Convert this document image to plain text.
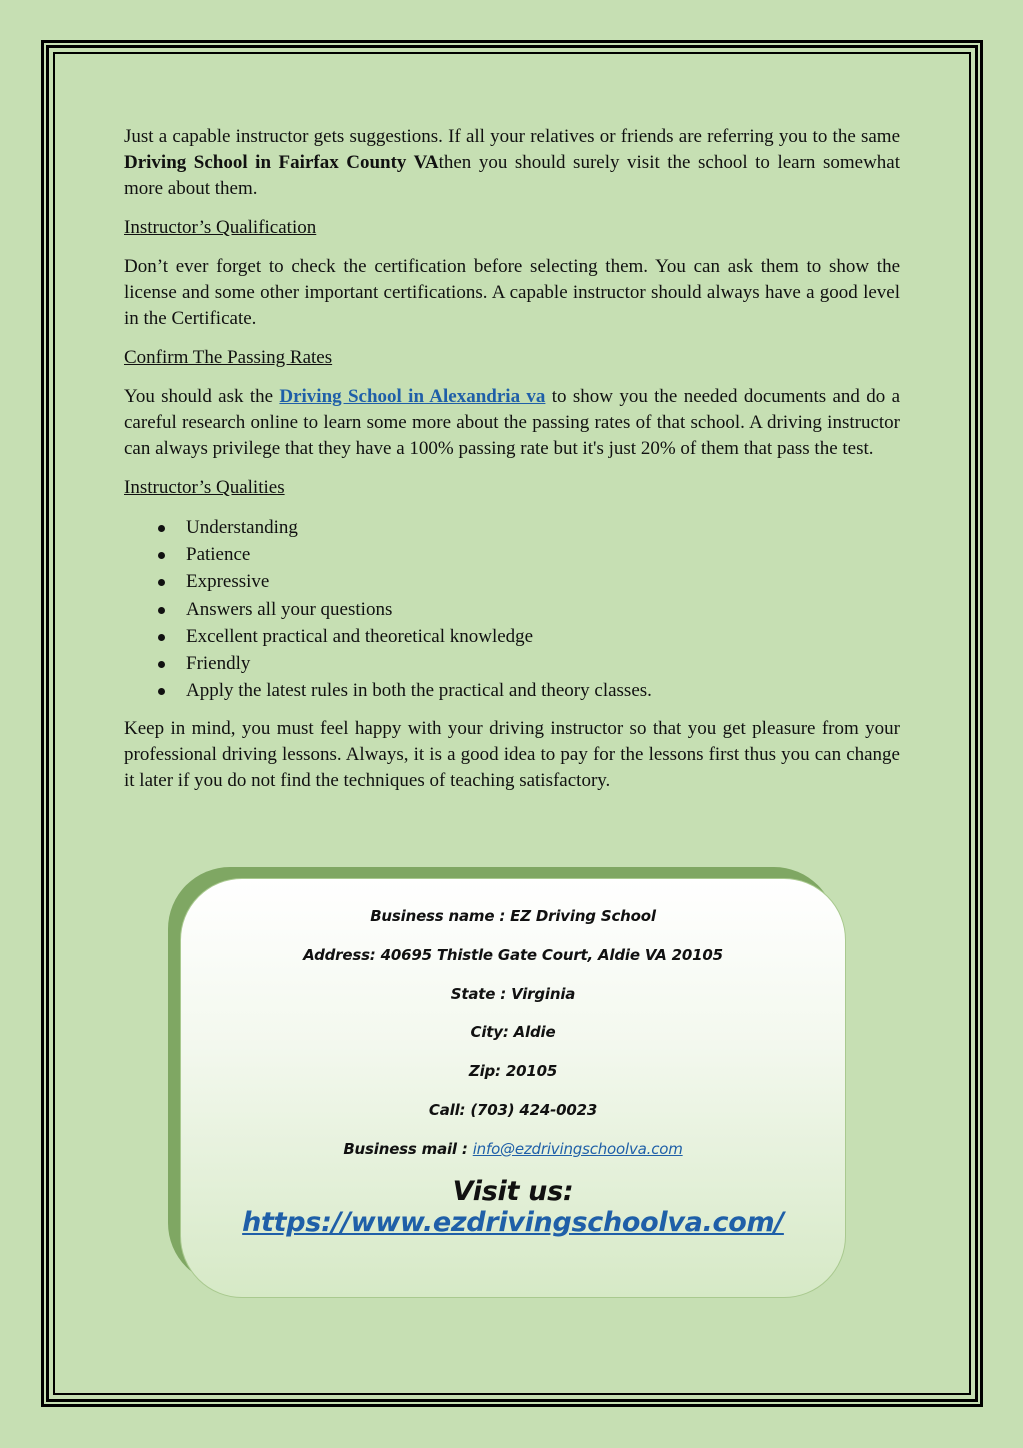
Just a capable instructor gets suggestions. If all your relatives or friends are referring you to the same Driving School in Fairfax County VAthen you should surely visit the school to learn somewhat more about them.

Instructor’s Qualification

Don’t ever forget to check the certification before selecting them. You can ask them to show the license and some other important certifications. A capable instructor should always have a good level in the Certificate.

Confirm The Passing Rates

You should ask the Driving School in Alexandria va to show you the needed documents and do a careful research online to learn some more about the passing rates of that school. A driving instructor can always privilege that they have a 100% passing rate but it's just 20% of them that pass the test.

Instructor’s Qualities
Understanding
Patience
Expressive
Answers all your questions
Excellent practical and theoretical knowledge
Friendly
Apply the latest rules in both the practical and theory classes.

Keep in mind, you must feel happy with your driving instructor so that you get pleasure from your professional driving lessons. Always, it is a good idea to pay for the lessons first thus you can change it later if you do not find the techniques of teaching satisfactory.

Business name : EZ Driving School
Address: 40695 Thistle Gate Court, Aldie VA 20105
State : Virginia
City: Aldie
Zip: 20105
Call: (703) 424-0023
Business mail : info@ezdrivingschoolva.com
Visit us: https://www.ezdrivingschoolva.com/
